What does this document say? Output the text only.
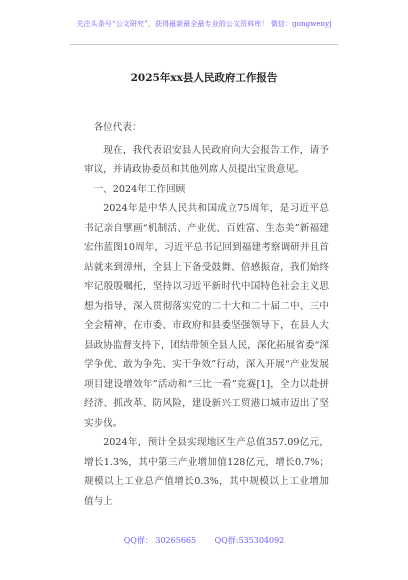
关注头条号“公文研究”，获得最新最全最专业的公文资料库！ 微信：gongwenyj
2025年xx县人民政府工作报告

各位代表：

现在，我代表诏安县人民政府向大会报告工作，请予审议，并请政协委员和其他列席人员提出宝贵意见。

一、2024年工作回顾

2024年是中华人民共和国成立75周年，是习近平总书记亲自擘画“机制活、产业优、百姓富、生态美”新福建宏伟蓝图10周年，习近平总书记回到福建考察调研并且首站就来到漳州，全县上下备受鼓舞、倍感振奋，我们始终牢记殷殷嘱托，坚持以习近平新时代中国特色社会主义思想为指导，深入贯彻落实党的二十大和二十届二中、三中全会精神，在市委、市政府和县委坚强领导下，在县人大县政协监督支持下，团结带领全县人民，深化拓展省委“深学争优、敢为争先、实干争效”行动，深入开展“产业发展项目建设增效年”活动和“三比一看”竞赛[1]，全力以赴拼经济、抓改革、防风险，建设新兴工贸港口城市迈出了坚实步伐。

2024年，预计全县实现地区生产总值357.09亿元，增长1.3%，其中第三产业增加值128亿元，增长0.7%；规模以上工业总产值增长0.3%，其中规模以上工业增加值与上

QQ群： 30265665 QQ群:535304092
